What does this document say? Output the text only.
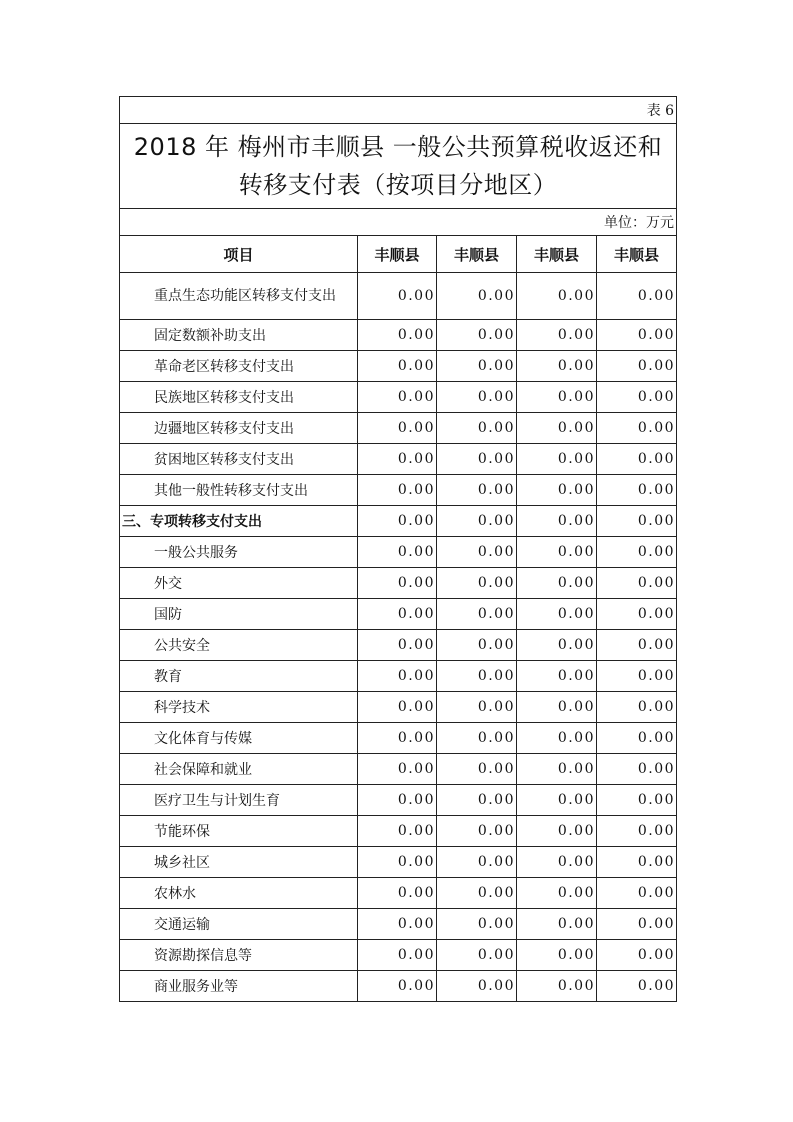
表 6				

2018 年 梅州市丰顺县 一般公共预算税收返还和
转移支付表（按项目分地区）				

单位：万元				
项目	丰顺县	丰顺县	丰顺县	丰顺县
重点生态功能区转移支付支出	0.00	0.00	0.00	0.00
固定数额补助支出	0.00	0.00	0.00	0.00
革命老区转移支付支出	0.00	0.00	0.00	0.00
民族地区转移支付支出	0.00	0.00	0.00	0.00
边疆地区转移支付支出	0.00	0.00	0.00	0.00
贫困地区转移支付支出	0.00	0.00	0.00	0.00
其他一般性转移支付支出	0.00	0.00	0.00	0.00
三、专项转移支付支出	0.00	0.00	0.00	0.00
一般公共服务	0.00	0.00	0.00	0.00
外交	0.00	0.00	0.00	0.00
国防	0.00	0.00	0.00	0.00
公共安全	0.00	0.00	0.00	0.00
教育	0.00	0.00	0.00	0.00
科学技术	0.00	0.00	0.00	0.00
文化体育与传媒	0.00	0.00	0.00	0.00
社会保障和就业	0.00	0.00	0.00	0.00
医疗卫生与计划生育	0.00	0.00	0.00	0.00
节能环保	0.00	0.00	0.00	0.00
城乡社区	0.00	0.00	0.00	0.00
农林水	0.00	0.00	0.00	0.00
交通运输	0.00	0.00	0.00	0.00
资源勘探信息等	0.00	0.00	0.00	0.00
商业服务业等	0.00	0.00	0.00	0.00
